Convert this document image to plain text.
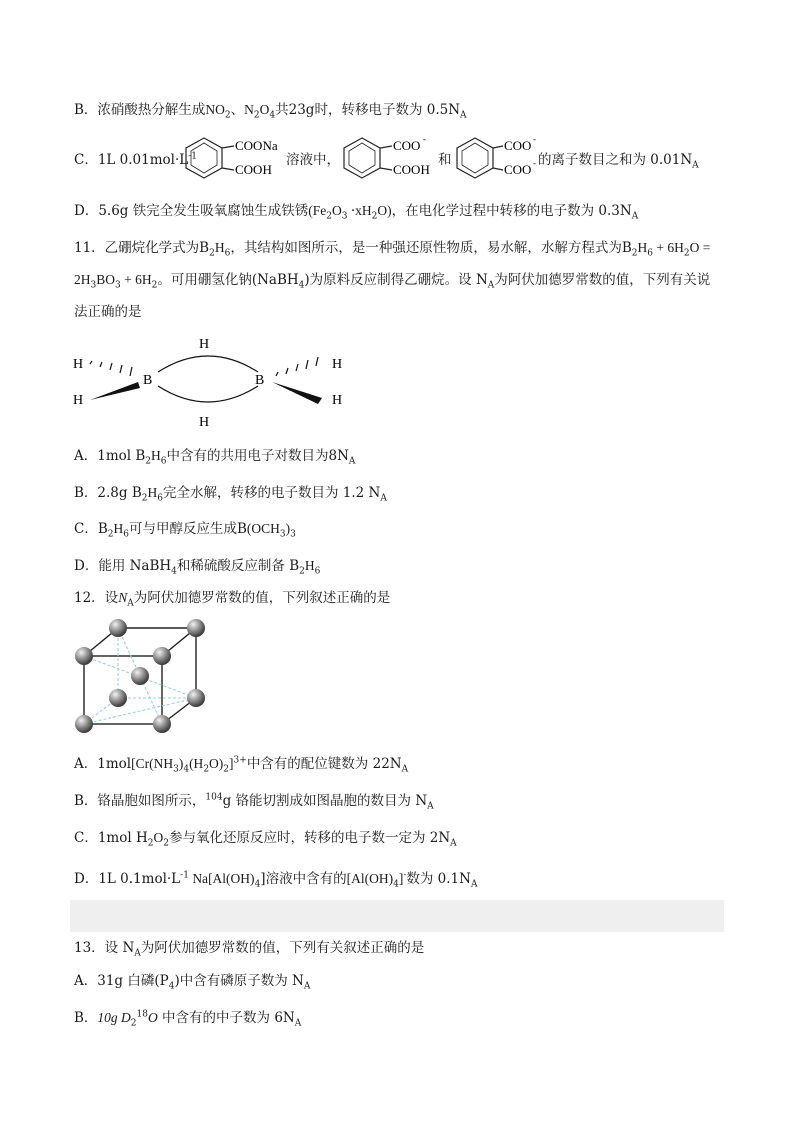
B．浓硝酸热分解生成$NO_2$、$N_2O_4$共23g时，转移电子数为 $0.5N_A$
C．1L $0.01mol\cdot L^{-1}$
COONa
COOH
溶液中，
COO -
COOH
和
COO -
COO - 的离子数目之和为 $0.01N_A$
D．5.6g 铁完全发生吸氧腐蚀生成铁锈$(Fe_2O_3 \cdot xH_2O)$，在电化学过程中转移的电子数为 $0.3N_A$
11．乙硼烷化学式为$B_2H_6$，其结构如图所示，是一种强还原性物质，易水解，水解方程式为$B_2H_6 + 6H_2O$ =
$2H_3BO_3 + 6H_2$。可用硼氢化钠(NaBH$_4$)为原料反应制得乙硼烷。设 $N_A$为阿伏加德罗常数的值，下列有关说
法正确的是
H
H
B	B
H
H
H
H
A．1mol $B_2H_6$中含有的共用电子对数目为$8N_A$
B．2.8g $B_2H_6$完全水解，转移的电子数目为 1.2 $N_A$
C．$B_2H_6$可与甲醇反应生成$B(OCH_3)_3$
D．能用 NaBH$_4$和稀硫酸反应制备 $B_2H_6$
12．设$N_A$为阿伏加德罗常数的值，下列叙述正确的是
A．$1mol[Cr(NH_3)_4(H_2O)_2]^{3+}$中含有的配位键数为 $22N_A$
B．铬晶胞如图所示，$^{104}$g 铬能切割成如图晶胞的数目为 $N_A$
C．1mol $H_2O_2$参与氧化还原反应时，转移的电子数一定为 $2N_A$
D．1L $0.1mol\cdot L^{-1}$ $Na[Al(OH)_4]$溶液中含有的$[Al(OH)_4]^-$数为 $0.1N_A$
13．设 $N_A$为阿伏加德罗常数的值，下列有关叙述正确的是
A．31g 白磷$(P_4)$中含有磷原子数为 $N_A$
B．10g $D_2^{18}O$ 中含有的中子数为 $6N_A$
